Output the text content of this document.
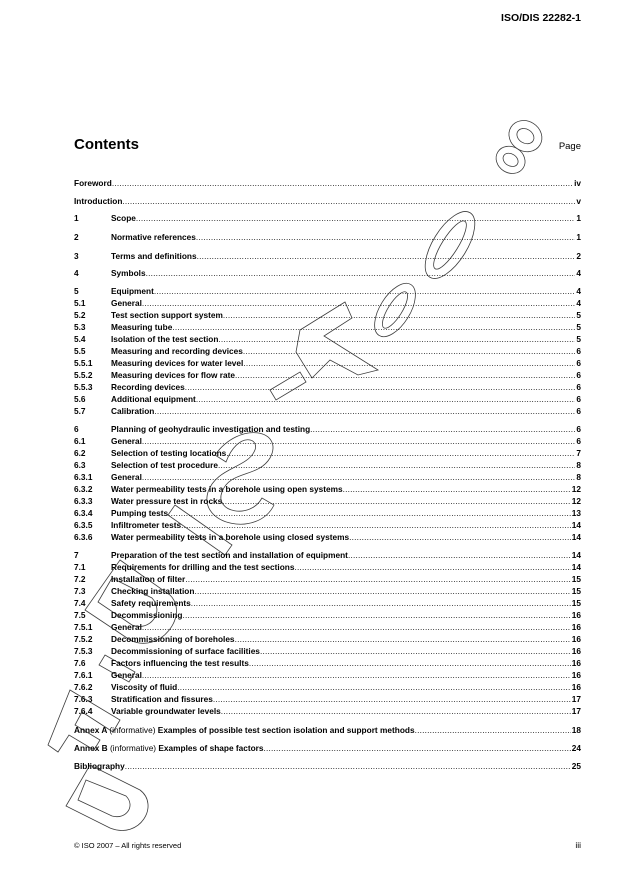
ISO/DIS 22282-1
Contents	Page
Foreword .....	iv
Introduction .....	v
1	Scope .....	1
2	Normative references .....	1
3	Terms and definitions .....	2
4	Symbols .....	4
5	Equipment .....	4
5.1	General .....	4
5.2	Test section support system .....	5
5.3	Measuring tube .....	5
5.4	Isolation of the test section .....	5
5.5	Measuring and recording devices .....	6
5.5.1	Measuring devices for water level .....	6
5.5.2	Measuring devices for flow rate .....	6
5.5.3	Recording devices .....	6
5.6	Additional equipment .....	6
5.7	Calibration .....	6
6	Planning of geohydraulic investigation and testing .....	6
6.1	General .....	6
6.2	Selection of testing locations .....	7
6.3	Selection of test procedure .....	8
6.3.1	General .....	8
6.3.2	Water permeability tests in a borehole using open systems .....	12
6.3.3	Water pressure test in rocks .....	12
6.3.4	Pumping tests .....	13
6.3.5	Infiltrometer tests .....	14
6.3.6	Water permeability tests in a borehole using closed systems .....	14
7	Preparation of the test section and installation of equipment .....	14
7.1	Requirements for drilling and the test sections .....	14
7.2	Installation of filter .....	15
7.3	Checking installation .....	15
7.4	Safety requirements .....	15
7.5	Decommissioning .....	16
7.5.1	General .....	16
7.5.2	Decommissioning of boreholes .....	16
7.5.3	Decommissioning of surface facilities .....	16
7.6	Factors influencing the test results .....	16
7.6.1	General .....	16
7.6.2	Viscosity of fluid .....	16
7.6.3	Stratification and fissures .....	17
7.6.4	Variable groundwater levels .....	17
Annex A (informative) Examples of possible test section isolation and support methods .....	18
Annex B (informative) Examples of shape factors .....	24
Bibliography .....	25
© ISO 2007 – All rights reserved	iii
